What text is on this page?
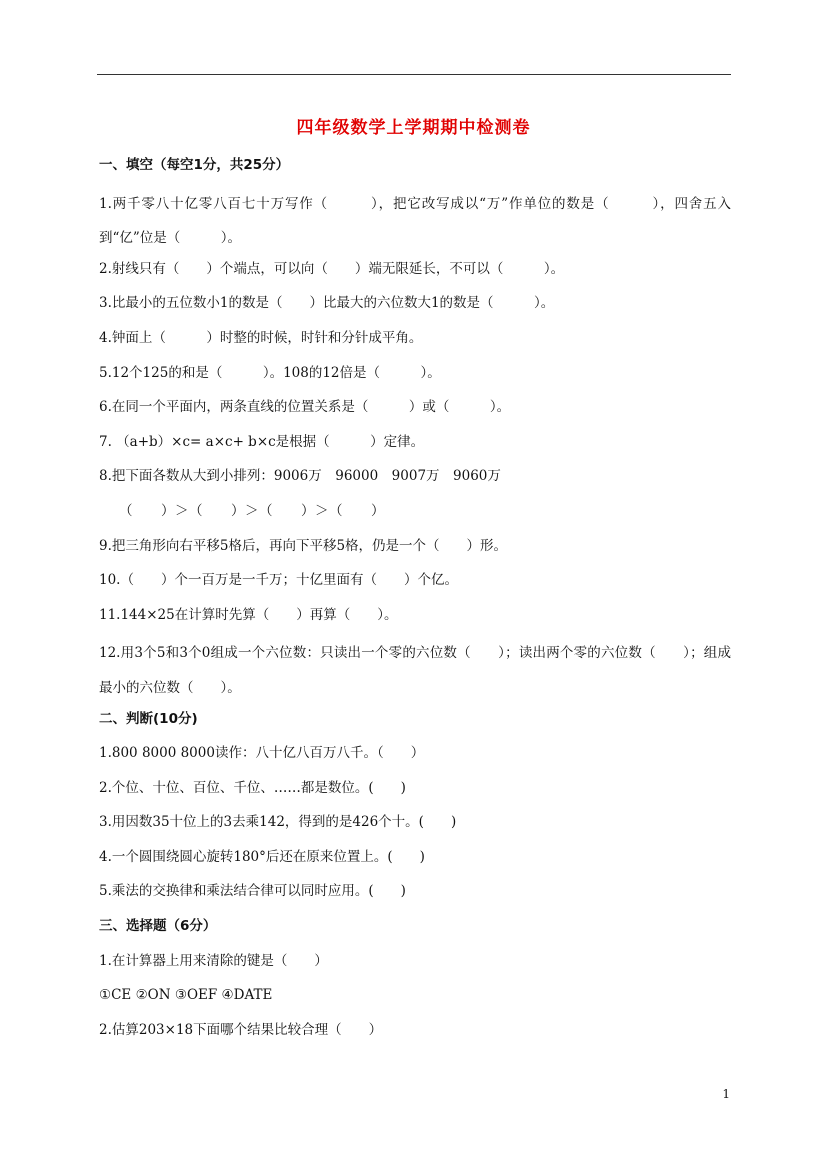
四年级数学上学期期中检测卷
一、填空（每空1分，共25分）
1.两千零八十亿零八百七十万写作（　　　），把它改写成以“万”作单位的数是（　　　），四舍五入到“亿”位是（　　　）。
2.射线只有（　　）个端点，可以向（　　）端无限延长，不可以（　　　）。
3.比最小的五位数小1的数是（　　）比最大的六位数大1的数是（　　　）。
4.钟面上（　　　）时整的时候，时针和分针成平角。
5.12个125的和是（　　　）。108的12倍是（　　　）。
6.在同一个平面内，两条直线的位置关系是（　　　）或（　　　）。
7. （a+b）×c= a×c+ b×c是根据（　　　）定律。
8.把下面各数从大到小排列：9006万　96000　9007万　9060万
（　　）＞（　　）＞（　　）＞（　　）
9.把三角形向右平移5格后，再向下平移5格，仍是一个（　　）形。
10.（　　）个一百万是一千万；十亿里面有（　　）个亿。
11.144×25在计算时先算（　　）再算（　　）。
12.用3个5和3个0组成一个六位数：只读出一个零的六位数（　　）；读出两个零的六位数（　　）；组成最小的六位数（　　）。
二、判断(10分)
1.800 8000 8000读作：八十亿八百万八千。（　　）
2.个位、十位、百位、千位、……都是数位。(　　)
3.用因数35十位上的3去乘142，得到的是426个十。(　　)
4.一个圆围绕圆心旋转180°后还在原来位置上。(　　)
5.乘法的交换律和乘法结合律可以同时应用。(　　)
三、选择题（6分）
1.在计算器上用来清除的键是（　　）
①CE ②ON ③OEF ④DATE
2.估算203×18下面哪个结果比较合理（　　）
1
